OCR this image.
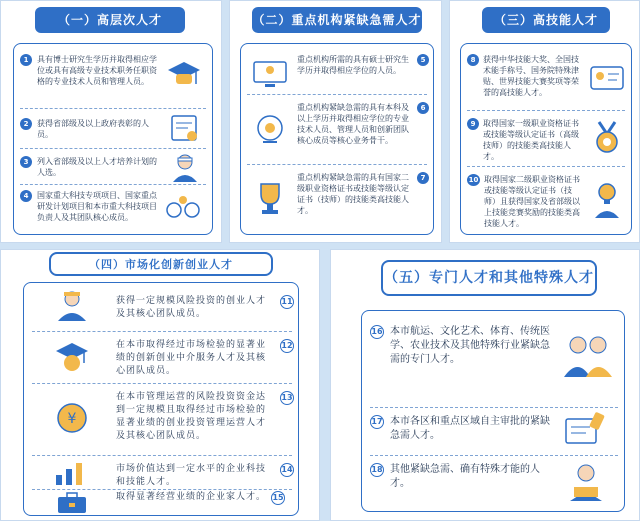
（一）高层次人才
1	具有博士研究生学历并取得相应学位或具有高级专业技术职务任职资格的专业技术人员和管理人员。
2	获得省部级及以上政府表彰的人员。
3	列入省部级及以上人才培养计划的人选。
4	国家重大科技专项项目、国家重点研发计划项目和本市重大科技项目负责人及其团队核心成员。
（二）重点机构紧缺急需人才
重点机构所需的具有硕士研究生学历并取得相应学位的人员。
5
重点机构紧缺急需的具有本科及以上学历并取得相应学位的专业技术人员、管理人员和创新团队核心成员等核心业务骨干。
6
重点机构紧缺急需的具有国家二级职业资格证书或技能等级认定证书（技师）的技能类高技能人才。
7
（三）高技能人才
8 获得中华技能大奖、全国技术能手称号、国务院特殊津贴、世界技能大赛奖项等荣誉的高技能人才。
9 取得国家一级职业资格证书或技能等级认定证书（高级技师）的技能类高技能人才。
10 取得国家二级职业资格证书或技能等级认定证书（技师）且获得国家及省部级以上技能竞赛奖励的技能类高技能人才。
（四）市场化创新创业人才
获得一定规模风险投资的创业人才及其核心团队成员。
11
在本市取得经过市场检验的显著业绩的创新创业中介服务人才及其核心团队成员。
12
¥
在本市管理运营的风险投资资金达到一定规模且取得经过市场检验的显著业绩的创业投资管理运营人才及其核心团队成员。
13
市场价值达到一定水平的企业科技和技能人才。
14
取得显著经营业绩的企业家人才。 15
（五）专门人才和其他特殊人才
16 本市航运、文化艺术、体育、传统医学、农业技术及其他特殊行业紧缺急需的专门人才。
17 本市各区和重点区域自主审批的紧缺急需人才。
18 其他紧缺急需、确有特殊才能的人才。
